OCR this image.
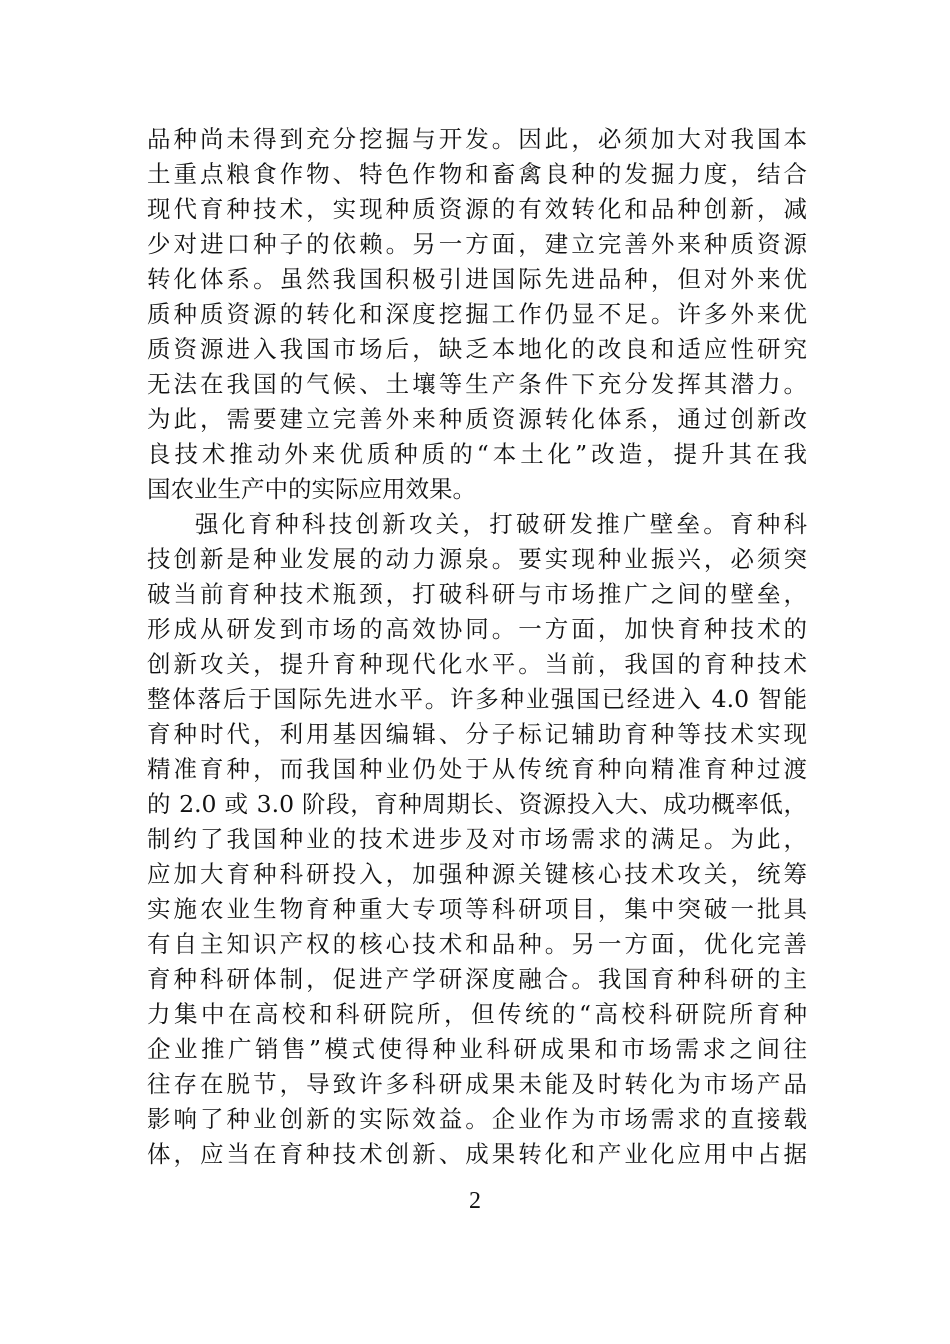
品种尚未得到充分挖掘与开发。因此，必须加大对我国本
土重点粮食作物、特色作物和畜禽良种的发掘力度，结合
现代育种技术，实现种质资源的有效转化和品种创新，减
少对进口种子的依赖。另一方面，建立完善外来种质资源
转化体系。虽然我国积极引进国际先进品种，但对外来优
质种质资源的转化和深度挖掘工作仍显不足。许多外来优
质资源进入我国市场后，缺乏本地化的改良和适应性研究
无法在我国的气候、土壤等生产条件下充分发挥其潜力。
为此，需要建立完善外来种质资源转化体系，通过创新改
良技术推动外来优质种质的“本土化”改造，提升其在我
国农业生产中的实际应用效果。
强化育种科技创新攻关，打破研发推广壁垒。育种科
技创新是种业发展的动力源泉。要实现种业振兴，必须突
破当前育种技术瓶颈，打破科研与市场推广之间的壁垒，
形成从研发到市场的高效协同。一方面，加快育种技术的
创新攻关，提升育种现代化水平。当前，我国的育种技术
整体落后于国际先进水平。许多种业强国已经进入 4.0 智能
育种时代，利用基因编辑、分子标记辅助育种等技术实现
精准育种，而我国种业仍处于从传统育种向精准育种过渡
的 2.0 或 3.0 阶段，育种周期长、资源投入大、成功概率低，
制约了我国种业的技术进步及对市场需求的满足。为此，
应加大育种科研投入，加强种源关键核心技术攻关，统筹
实施农业生物育种重大专项等科研项目，集中突破一批具
有自主知识产权的核心技术和品种。另一方面，优化完善
育种科研体制，促进产学研深度融合。我国育种科研的主
力集中在高校和科研院所，但传统的“高校科研院所育种
企业推广销售”模式使得种业科研成果和市场需求之间往
往存在脱节，导致许多科研成果未能及时转化为市场产品
影响了种业创新的实际效益。企业作为市场需求的直接载
体，应当在育种技术创新、成果转化和产业化应用中占据
2
